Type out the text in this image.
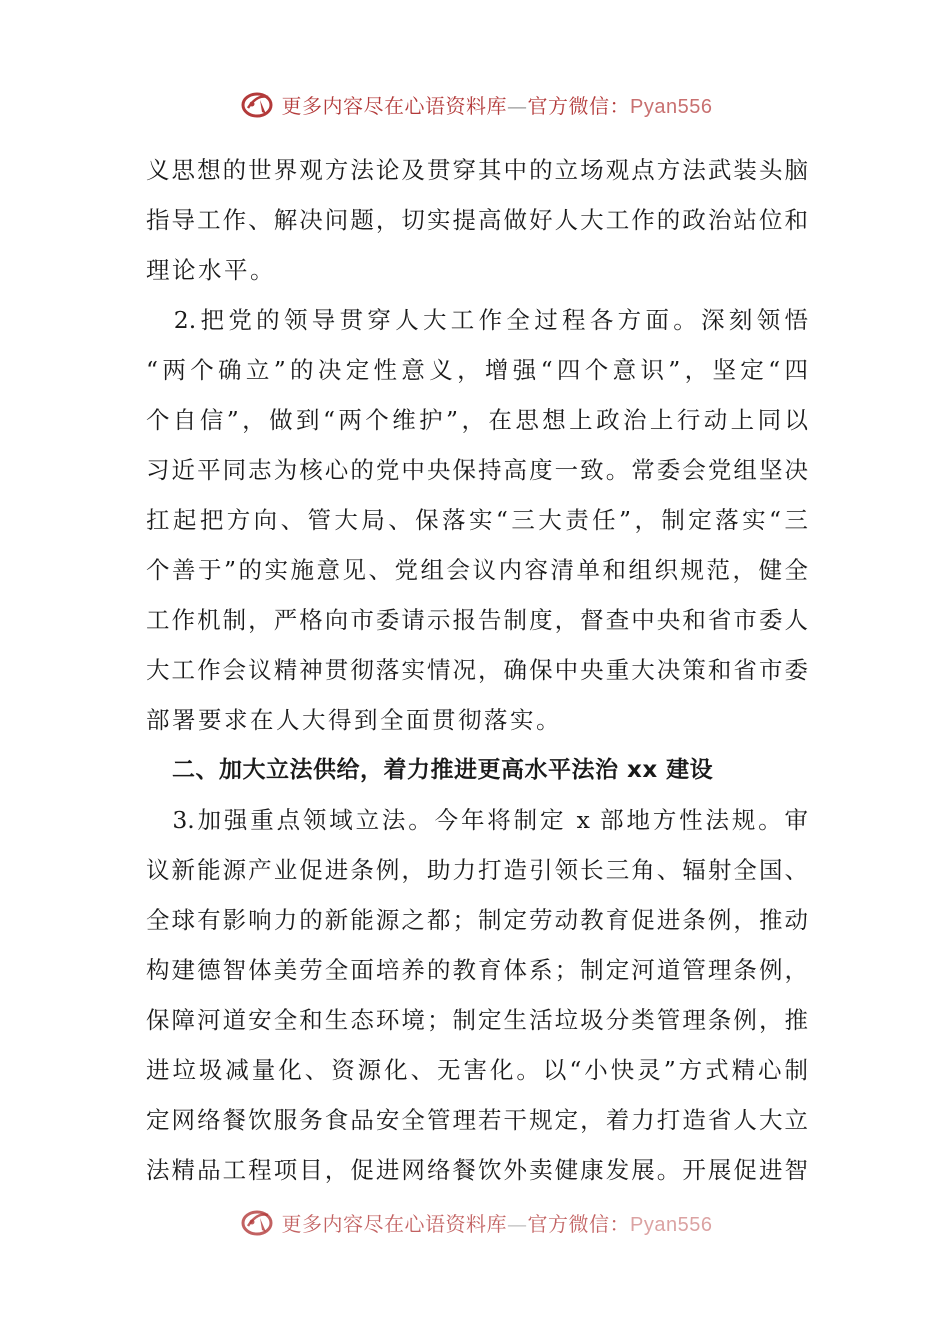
更多内容尽在心语资料库—官方微信：Pyan556
义思想的世界观方法论及贯穿其中的立场观点方法武装头脑
指导工作、解决问题，切实提高做好人大工作的政治站位和
理论水平。
　2.把党的领导贯穿人大工作全过程各方面。深刻领悟
“两个确立”的决定性意义，增强“四个意识”，坚定“四
个自信”，做到“两个维护”，在思想上政治上行动上同以
习近平同志为核心的党中央保持高度一致。常委会党组坚决
扛起把方向、管大局、保落实“三大责任”，制定落实“三
个善于”的实施意见、党组会议内容清单和组织规范，健全
工作机制，严格向市委请示报告制度，督查中央和省市委人
大工作会议精神贯彻落实情况，确保中央重大决策和省市委
部署要求在人大得到全面贯彻落实。
二、加大立法供给，着力推进更高水平法治 xx 建设
　3.加强重点领域立法。今年将制定 x 部地方性法规。审
议新能源产业促进条例，助力打造引领长三角、辐射全国、
全球有影响力的新能源之都；制定劳动教育促进条例，推动
构建德智体美劳全面培养的教育体系；制定河道管理条例，
保障河道安全和生态环境；制定生活垃圾分类管理条例，推
进垃圾减量化、资源化、无害化。以“小快灵”方式精心制
定网络餐饮服务食品安全管理若干规定，着力打造省人大立
法精品工程项目，促进网络餐饮外卖健康发展。开展促进智
更多内容尽在心语资料库—官方微信：Pyan556
